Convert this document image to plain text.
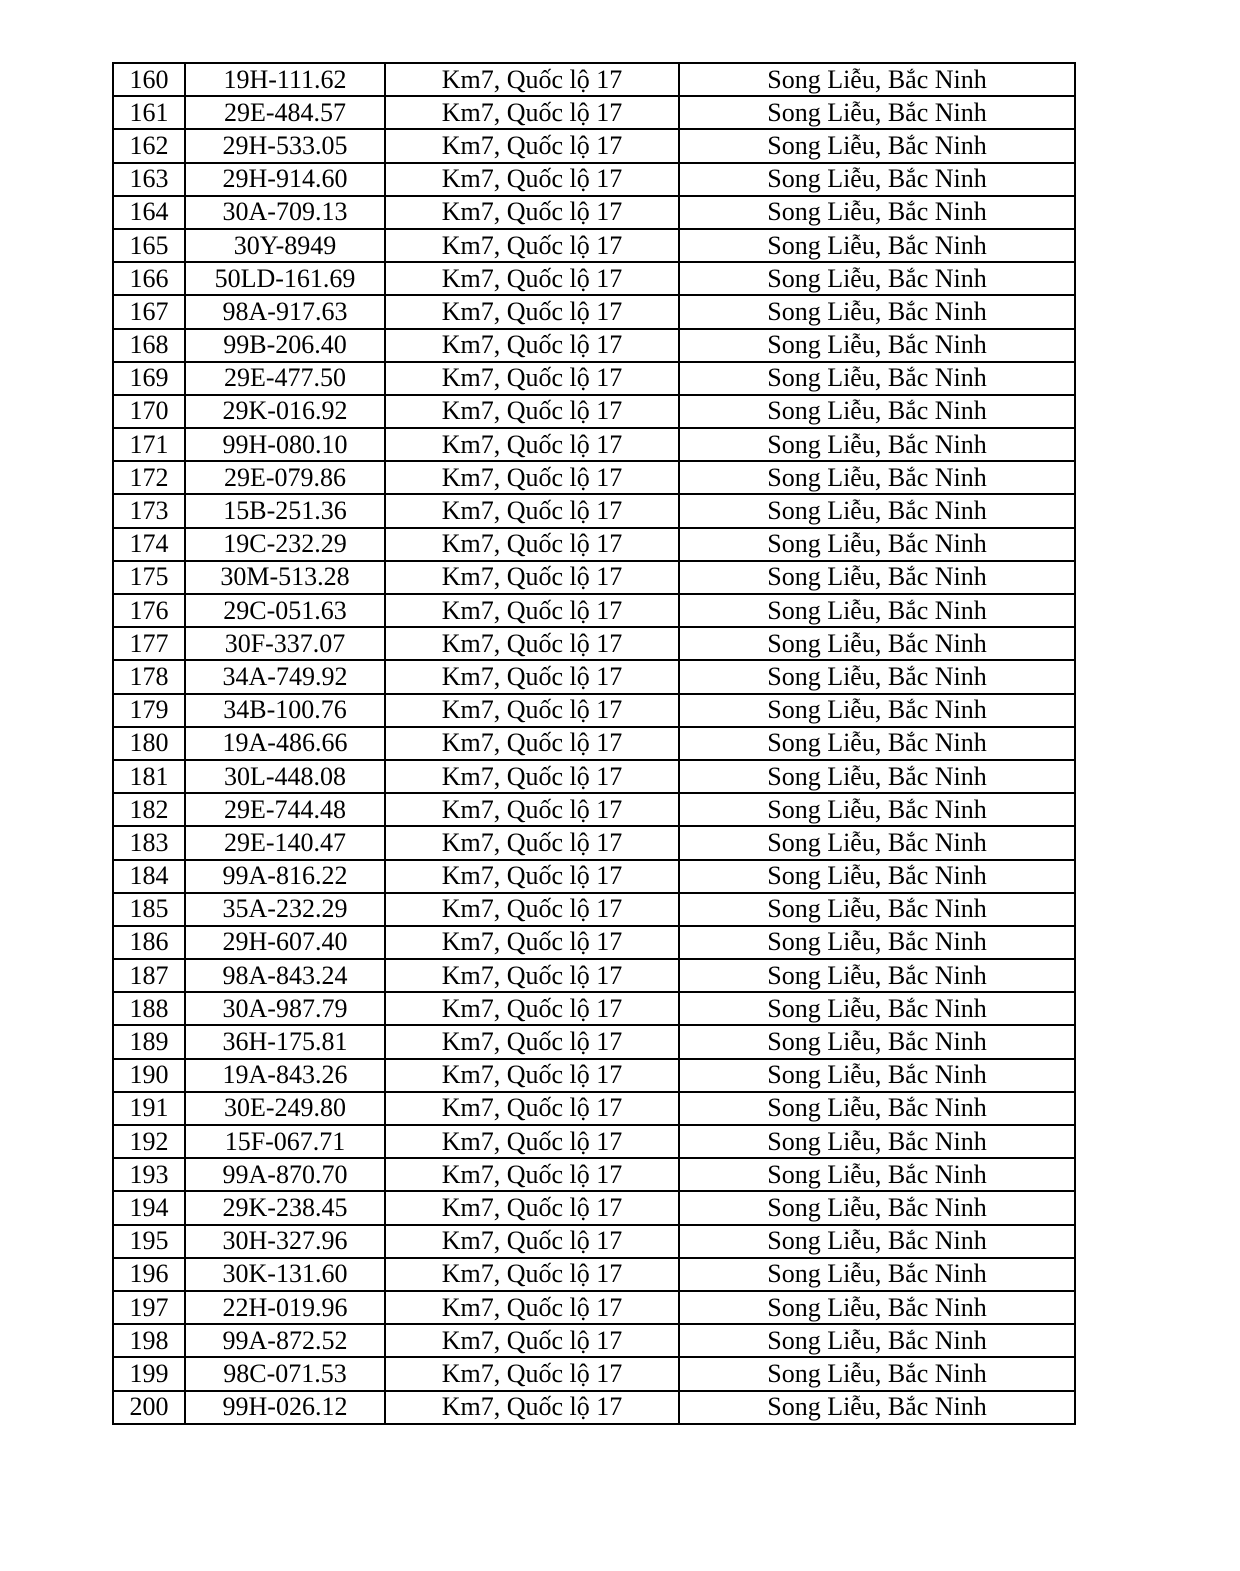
160	19H-111.62	Km7, Quốc lộ 17	Song Liễu, Bắc Ninh
161	29E-484.57	Km7, Quốc lộ 17	Song Liễu, Bắc Ninh
162	29H-533.05	Km7, Quốc lộ 17	Song Liễu, Bắc Ninh
163	29H-914.60	Km7, Quốc lộ 17	Song Liễu, Bắc Ninh
164	30A-709.13	Km7, Quốc lộ 17	Song Liễu, Bắc Ninh
165	30Y-8949	Km7, Quốc lộ 17	Song Liễu, Bắc Ninh
166	50LD-161.69	Km7, Quốc lộ 17	Song Liễu, Bắc Ninh
167	98A-917.63	Km7, Quốc lộ 17	Song Liễu, Bắc Ninh
168	99B-206.40	Km7, Quốc lộ 17	Song Liễu, Bắc Ninh
169	29E-477.50	Km7, Quốc lộ 17	Song Liễu, Bắc Ninh
170	29K-016.92	Km7, Quốc lộ 17	Song Liễu, Bắc Ninh
171	99H-080.10	Km7, Quốc lộ 17	Song Liễu, Bắc Ninh
172	29E-079.86	Km7, Quốc lộ 17	Song Liễu, Bắc Ninh
173	15B-251.36	Km7, Quốc lộ 17	Song Liễu, Bắc Ninh
174	19C-232.29	Km7, Quốc lộ 17	Song Liễu, Bắc Ninh
175	30M-513.28	Km7, Quốc lộ 17	Song Liễu, Bắc Ninh
176	29C-051.63	Km7, Quốc lộ 17	Song Liễu, Bắc Ninh
177	30F-337.07	Km7, Quốc lộ 17	Song Liễu, Bắc Ninh
178	34A-749.92	Km7, Quốc lộ 17	Song Liễu, Bắc Ninh
179	34B-100.76	Km7, Quốc lộ 17	Song Liễu, Bắc Ninh
180	19A-486.66	Km7, Quốc lộ 17	Song Liễu, Bắc Ninh
181	30L-448.08	Km7, Quốc lộ 17	Song Liễu, Bắc Ninh
182	29E-744.48	Km7, Quốc lộ 17	Song Liễu, Bắc Ninh
183	29E-140.47	Km7, Quốc lộ 17	Song Liễu, Bắc Ninh
184	99A-816.22	Km7, Quốc lộ 17	Song Liễu, Bắc Ninh
185	35A-232.29	Km7, Quốc lộ 17	Song Liễu, Bắc Ninh
186	29H-607.40	Km7, Quốc lộ 17	Song Liễu, Bắc Ninh
187	98A-843.24	Km7, Quốc lộ 17	Song Liễu, Bắc Ninh
188	30A-987.79	Km7, Quốc lộ 17	Song Liễu, Bắc Ninh
189	36H-175.81	Km7, Quốc lộ 17	Song Liễu, Bắc Ninh
190	19A-843.26	Km7, Quốc lộ 17	Song Liễu, Bắc Ninh
191	30E-249.80	Km7, Quốc lộ 17	Song Liễu, Bắc Ninh
192	15F-067.71	Km7, Quốc lộ 17	Song Liễu, Bắc Ninh
193	99A-870.70	Km7, Quốc lộ 17	Song Liễu, Bắc Ninh
194	29K-238.45	Km7, Quốc lộ 17	Song Liễu, Bắc Ninh
195	30H-327.96	Km7, Quốc lộ 17	Song Liễu, Bắc Ninh
196	30K-131.60	Km7, Quốc lộ 17	Song Liễu, Bắc Ninh
197	22H-019.96	Km7, Quốc lộ 17	Song Liễu, Bắc Ninh
198	99A-872.52	Km7, Quốc lộ 17	Song Liễu, Bắc Ninh
199	98C-071.53	Km7, Quốc lộ 17	Song Liễu, Bắc Ninh
200	99H-026.12	Km7, Quốc lộ 17	Song Liễu, Bắc Ninh
